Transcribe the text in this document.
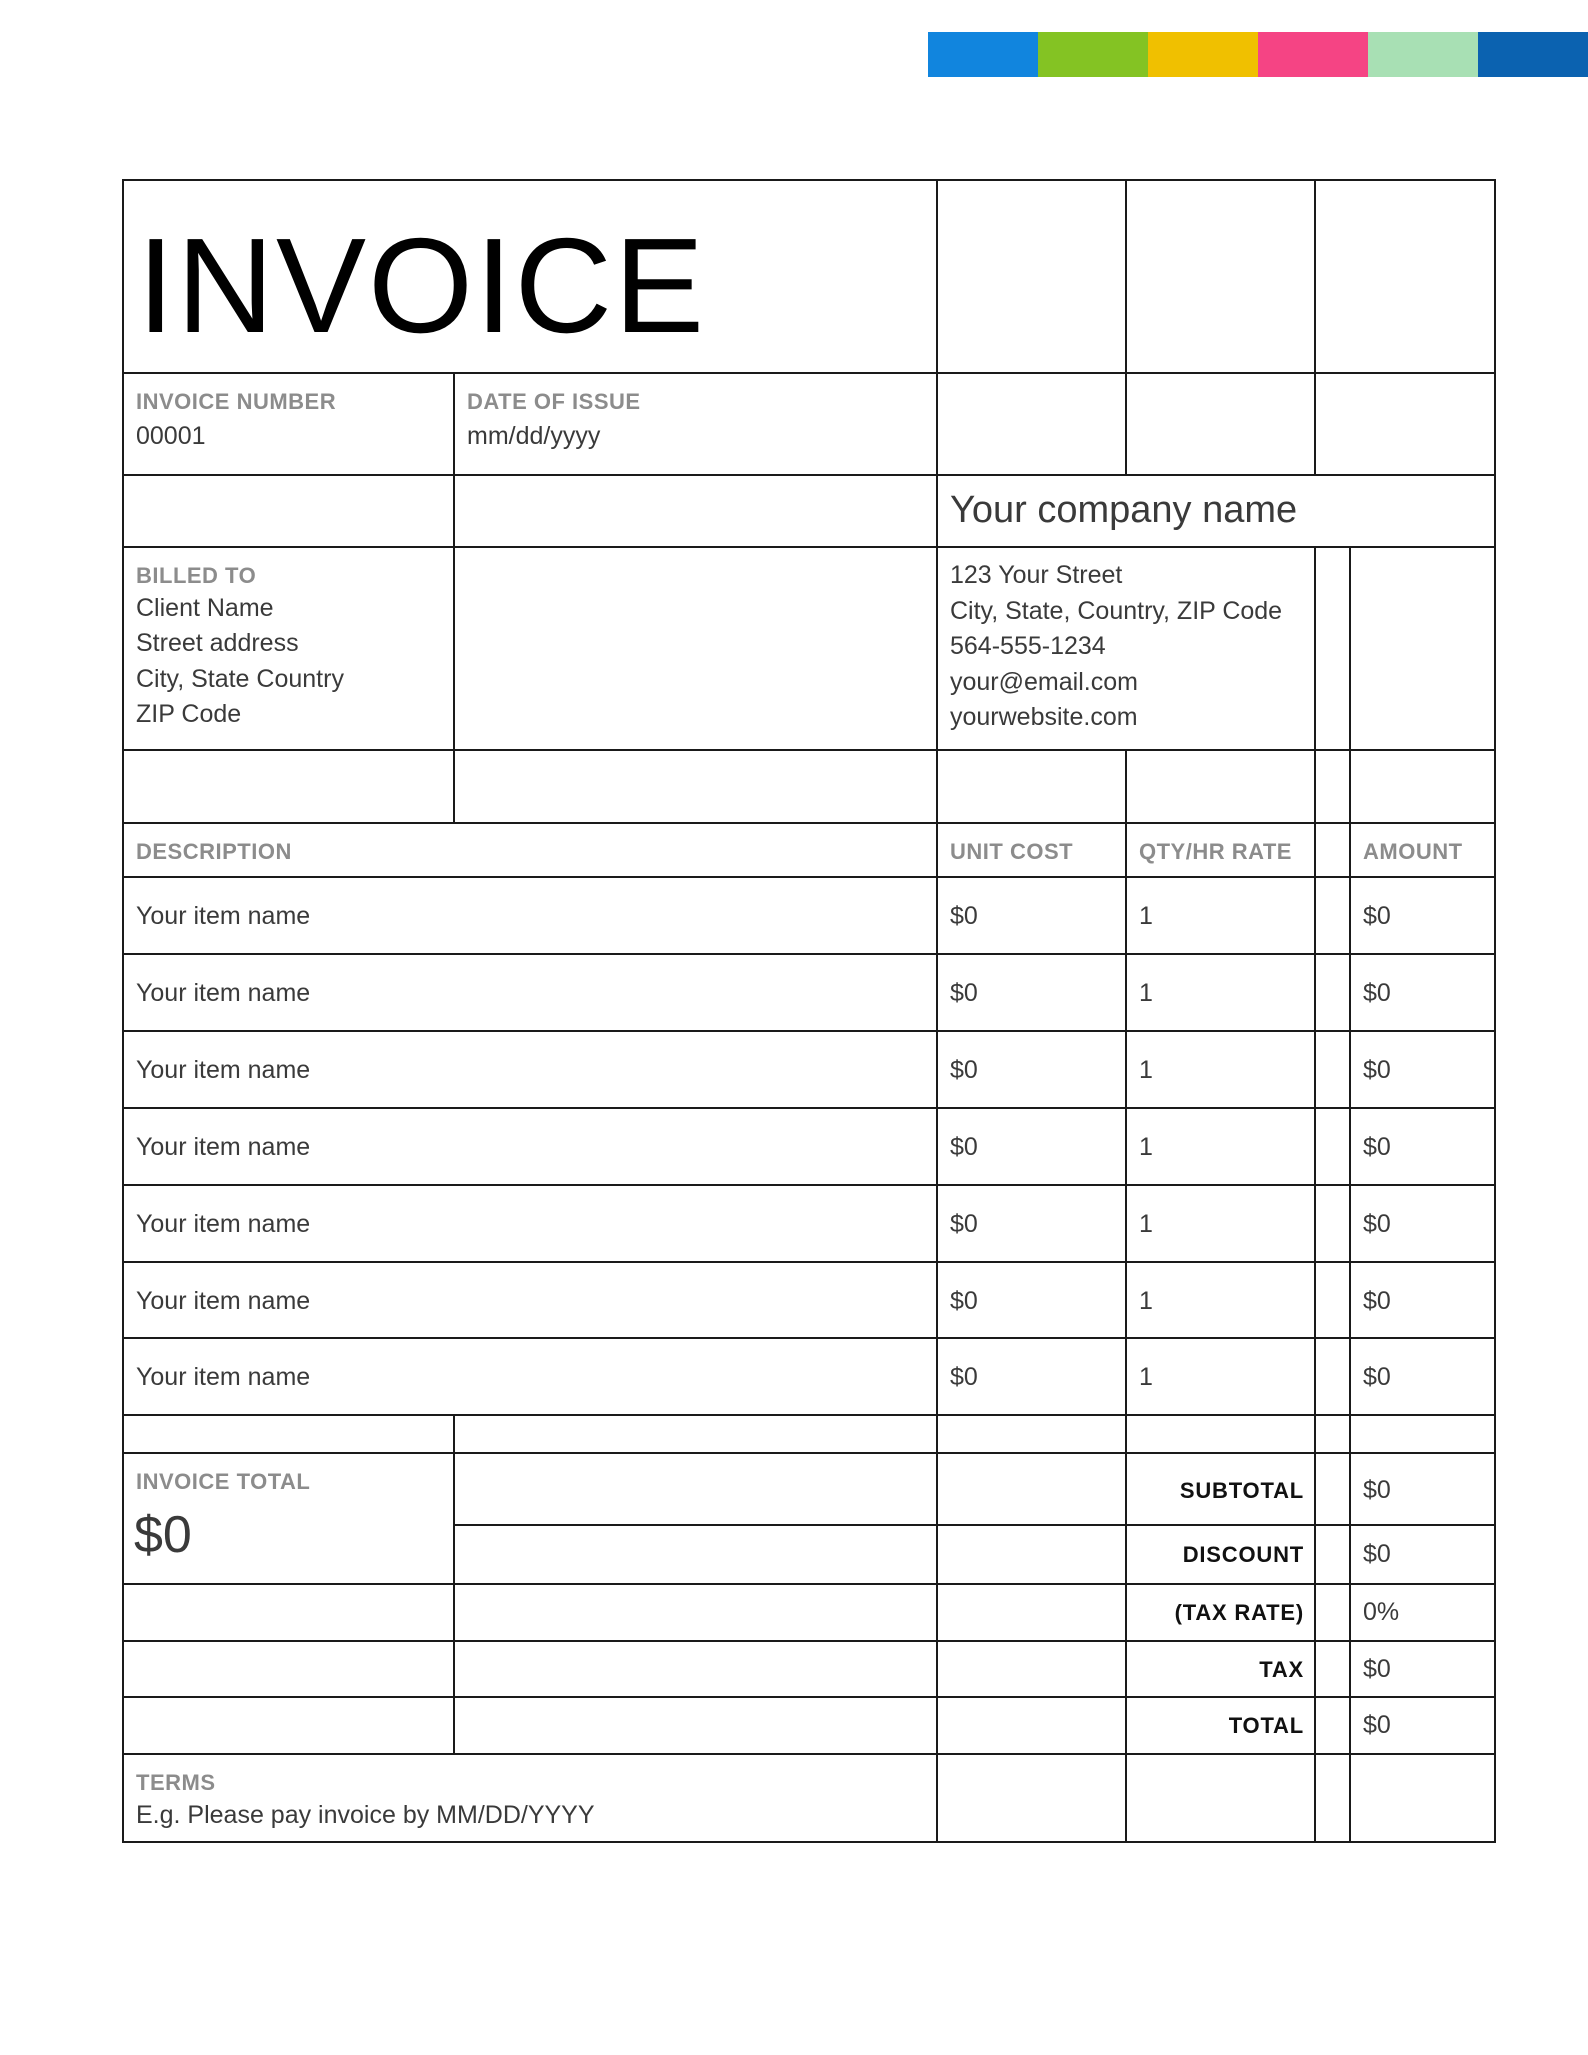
INVOICE
INVOICE NUMBER
00001
DATE OF ISSUE
mm/dd/yyyy
Your company name
123 Your Street
City, State, Country, ZIP Code
564-555-1234
your@email.com
yourwebsite.com
BILLED TO
Client Name
Street address
City, State Country
ZIP Code
DESCRIPTION	UNIT COST	QTY/HR RATE	AMOUNT
Your item name	$0	1	$0
Your item name	$0	1	$0
Your item name	$0	1	$0
Your item name	$0	1	$0
Your item name	$0	1	$0
Your item name	$0	1	$0
Your item name	$0	1	$0
INVOICE TOTAL
$0
SUBTOTAL $0
DISCOUNT $0
(TAX RATE) 0%
TAX $0
TOTAL $0
TERMS
E.g. Please pay invoice by MM/DD/YYYY
